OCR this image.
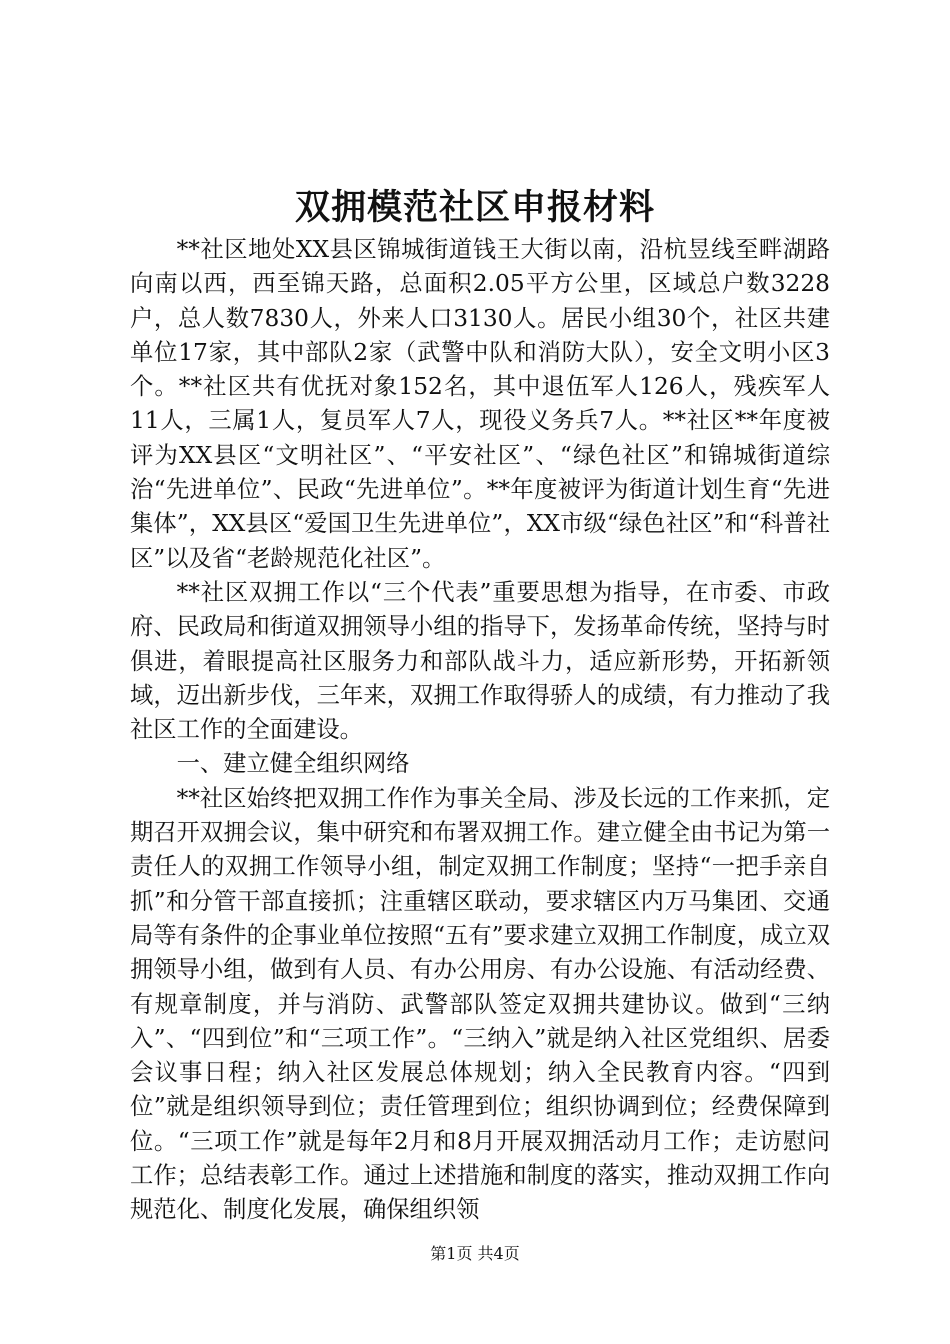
双拥模范社区申报材料

**社区地处XX县区锦城街道钱王大街以南，沿杭昱线至畔湖路向南以西，西至锦天路，总面积2.05平方公里，区域总户数3228户，总人数7830人，外来人口3130人。居民小组30个，社区共建单位17家，其中部队2家（武警中队和消防大队），安全文明小区3个。**社区共有优抚对象152名，其中退伍军人126人，残疾军人11人，三属1人，复员军人7人，现役义务兵7人。**社区**年度被评为XX县区“文明社区”、“平安社区”、“绿色社区”和锦城街道综治“先进单位”、民政“先进单位”。**年度被评为街道计划生育“先进集体”，XX县区“爱国卫生先进单位”，XX市级“绿色社区”和“科普社区”以及省“老龄规范化社区”。

**社区双拥工作以“三个代表”重要思想为指导，在市委、市政府、民政局和街道双拥领导小组的指导下，发扬革命传统，坚持与时俱进，着眼提高社区服务力和部队战斗力，适应新形势，开拓新领域，迈出新步伐，三年来，双拥工作取得骄人的成绩，有力推动了我社区工作的全面建设。

一、建立健全组织网络

**社区始终把双拥工作作为事关全局、涉及长远的工作来抓，定期召开双拥会议，集中研究和布署双拥工作。建立健全由书记为第一责任人的双拥工作领导小组，制定双拥工作制度；坚持“一把手亲自抓”和分管干部直接抓；注重辖区联动，要求辖区内万马集团、交通局等有条件的企事业单位按照“五有”要求建立双拥工作制度，成立双拥领导小组，做到有人员、有办公用房、有办公设施、有活动经费、有规章制度，并与消防、武警部队签定双拥共建协议。做到“三纳入”、“四到位”和“三项工作”。“三纳入”就是纳入社区党组织、居委会议事日程；纳入社区发展总体规划；纳入全民教育内容。“四到位”就是组织领导到位；责任管理到位；组织协调到位；经费保障到位。“三项工作”就是每年2月和8月开展双拥活动月工作；走访慰问工作；总结表彰工作。通过上述措施和制度的落实，推动双拥工作向规范化、制度化发展，确保组织领

第1页 共4页
